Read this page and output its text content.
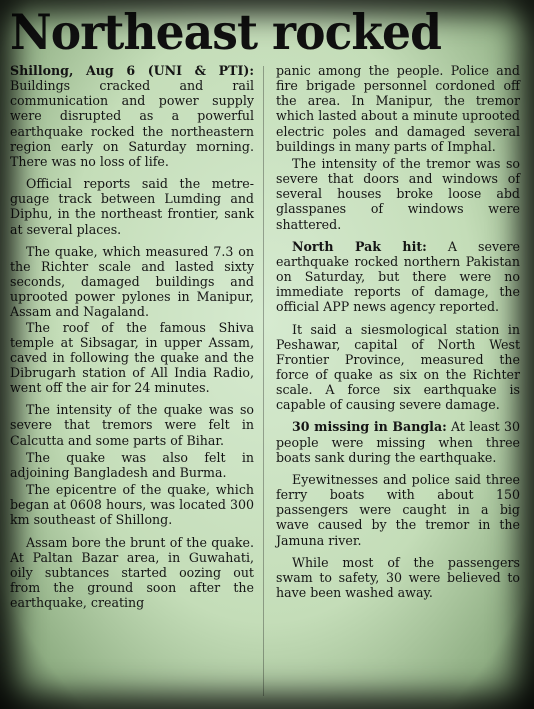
Northeast rocked

Shillong, Aug 6 (UNI & PTI): Buildings cracked and rail communication and power supply were disrupted as a powerful earthquake rocked the northeastern region early on Saturday morning. There was no loss of life.

Official reports said the metre-guage track between Lumding and Diphu, in the northeast frontier, sank at several places.

The quake, which measured 7.3 on the Richter scale and lasted sixty seconds, damaged buildings and uprooted power pylones in Manipur, Assam and Nagaland.

The roof of the famous Shiva temple at Sibsagar, in upper Assam, caved in following the quake and the Dibrugarh station of All India Radio, went off the air for 24 minutes.

The intensity of the quake was so severe that tremors were felt in Calcutta and some parts of Bihar.

The quake was also felt in adjoining Bangladesh and Burma.

The epicentre of the quake, which began at 0608 hours, was located 300 km southeast of Shillong.

Assam bore the brunt of the quake. At Paltan Bazar area, in Guwahati, oily subtances started oozing out from the ground soon after the earthquake, creating

panic among the people. Police and fire brigade personnel cordoned off the area. In Manipur, the tremor which lasted about a minute uprooted electric poles and damaged several buildings in many parts of Imphal.

The intensity of the tremor was so severe that doors and windows of several houses broke loose abd glasspanes of windows were shattered.

North Pak hit: A severe earthquake rocked northern Pakistan on Saturday, but there were no immediate reports of damage, the official APP news agency reported.

It said a siesmological station in Peshawar, capital of North West Frontier Province, measured the force of quake as six on the Richter scale. A force six earthquake is capable of causing severe damage.

30 missing in Bangla: At least 30 people were missing when three boats sank during the earthquake.

Eyewitnesses and police said three ferry boats with about 150 passengers were caught in a big wave caused by the tremor in the Jamuna river.

While most of the passengers swam to safety, 30 were believed to have been washed away.
